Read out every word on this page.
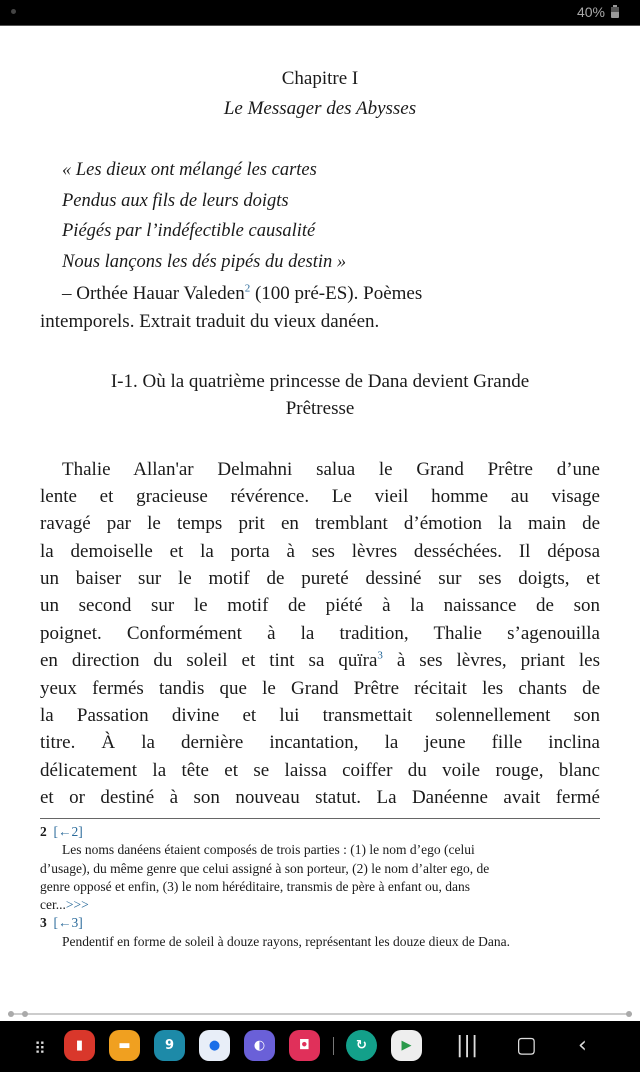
40%
Chapitre I
Le Messager des Abysses
« Les dieux ont mélangé les cartes
Pendus aux fils de leurs doigts
Piégés par l’indéfectible causalité
Nous lançons les dés pipés du destin »
– Orthée Hauar Valeden$^2$ (100 pré-ES). Poèmes
intemporels. Extrait traduit du vieux danéen.
I-1. Où la quatrième princesse de Dana devient Grande
Prêtresse
Thalie Allan'ar Delmahni salua le Grand Prêtre d’une
lente et gracieuse révérence. Le vieil homme au visage
ravagé par le temps prit en tremblant d’émotion la main de
la demoiselle et la porta à ses lèvres desséchées. Il déposa
un baiser sur le motif de pureté dessiné sur ses doigts, et
un second sur le motif de piété à la naissance de son
poignet. Conformément à la tradition, Thalie s’agenouilla
en direction du soleil et tint sa quïra$^3$ à ses lèvres, priant les
yeux fermés tandis que le Grand Prêtre récitait les chants de
la Passation divine et lui transmettait solennellement son
titre. À la dernière incantation, la jeune fille inclina
délicatement la tête et se laissa coiffer du voile rouge, blanc
et or destiné à son nouveau statut. La Danéenne avait fermé
2 [←2]
Les noms danéens étaient composés de trois parties : (1) le nom d’ego (celui
d’usage), du même genre que celui assigné à son porteur, (2) le nom d’alter ego, de
genre opposé et enfin, (3) le nom héréditaire, transmis de père à enfant ou, dans
cer...>>>
3 [←3]
Pendentif en forme de soleil à douze rayons, représentant les douze dieux de Dana.
⠿	▮	▬	9	●	◐	◘	↻	▶	||| ▢ ‹
